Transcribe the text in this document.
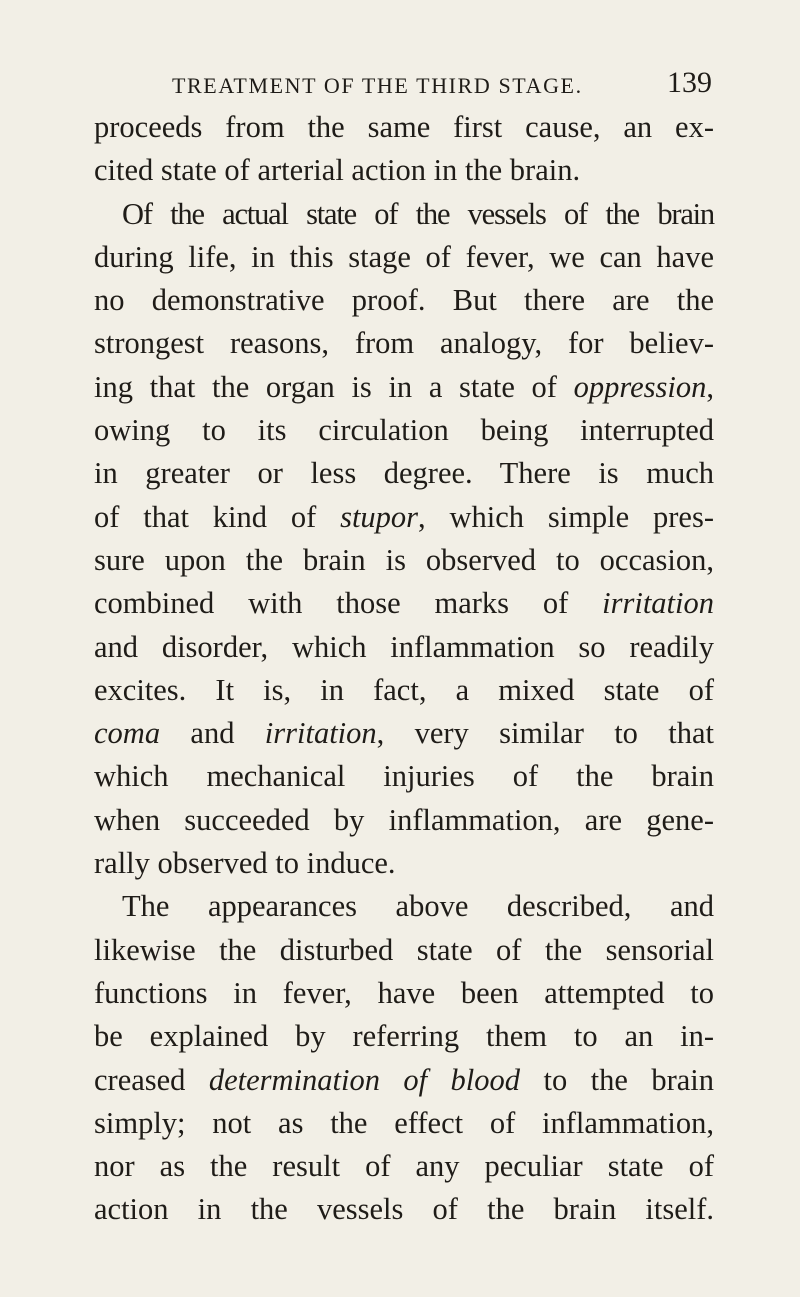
TREATMENT OF THE THIRD STAGE.	139
proceeds from the same first cause, an ex-
cited state of arterial action in the brain.
Of the actual state of the vessels of the brain
during life, in this stage of fever, we can have
no demonstrative proof. But there are the
strongest reasons, from analogy, for believ-
ing that the organ is in a state of oppression,
owing to its circulation being interrupted
in greater or less degree. There is much
of that kind of stupor, which simple pres-
sure upon the brain is observed to occasion,
combined with those marks of irritation
and disorder, which inflammation so readily
excites. It is, in fact, a mixed state of
coma and irritation, very similar to that
which mechanical injuries of the brain
when succeeded by inflammation, are gene-
rally observed to induce.
The appearances above described, and
likewise the disturbed state of the sensorial
functions in fever, have been attempted to
be explained by referring them to an in-
creased determination of blood to the brain
simply; not as the effect of inflammation,
nor as the result of any peculiar state of
action in the vessels of the brain itself.
